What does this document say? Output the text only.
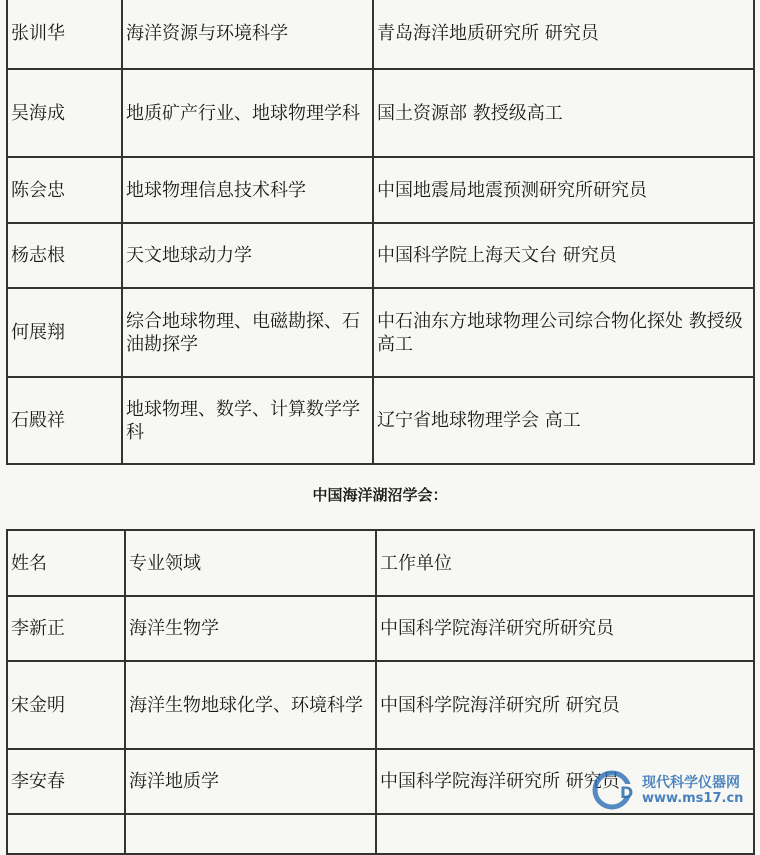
张训华	海洋资源与环境科学	青岛海洋地质研究所 研究员
吴海成	地质矿产行业、地球物理学科	国土资源部 教授级高工
陈会忠	地球物理信息技术科学	中国地震局地震预测研究所研究员
杨志根	天文地球动力学	中国科学院上海天文台 研究员
何展翔	综合地球物理、电磁勘探、石油勘探学	中石油东方地球物理公司综合物化探处 教授级高工
石殿祥	地球物理、数学、计算数学学科	辽宁省地球物理学会 高工
中国海洋湖沼学会：
姓名	专业领域	工作单位
李新正	海洋生物学	中国科学院海洋研究所研究员
宋金明	海洋生物地球化学、环境科学	中国科学院海洋研究所 研究员
李安春	海洋地质学	中国科学院海洋研究所 研究员

D 现代科学仪器网
www.ms17.cn
